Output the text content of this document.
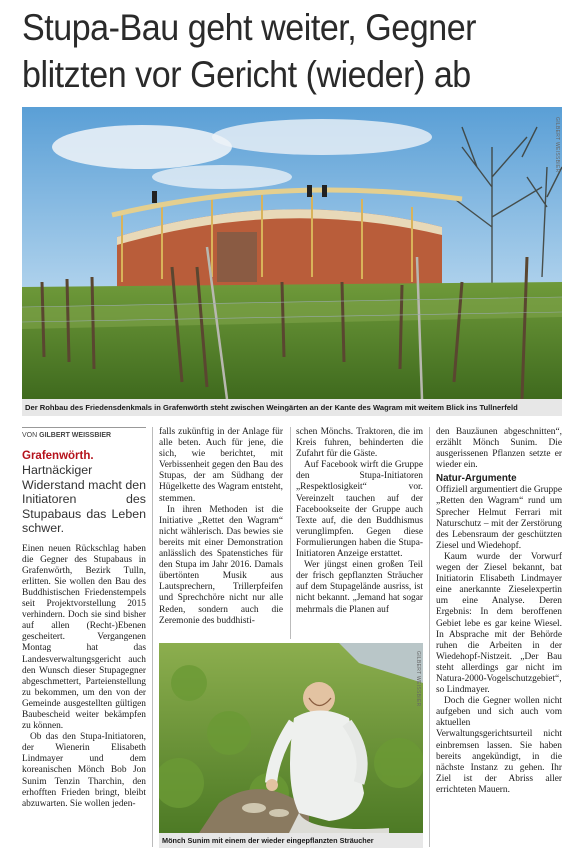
Stupa-Bau geht weiter, Gegner
blitzten vor Gericht (wieder) ab
GILBERT WEISSBIER
Der Rohbau des Friedensdenkmals in Grafenwörth steht zwischen Weingärten an der Kante des Wagram mit weitem Blick ins Tullnerfeld
VON GILBERT WEISSBIER
Grafenwörth.

Hartnäckiger Widerstand macht den Initiatoren des Stupabaus das Leben schwer.

Einen neuen Rückschlag haben die Gegner des Stupabaus in Grafenwörth, Bezirk Tulln, erlitten. Sie wollen den Bau des Buddhistischen Friedenstempels seit Projektvorstellung 2015 verhindern. Doch sie sind bisher auf allen (Recht-)Ebenen gescheitert. Vergangenen Montag hat das Landesverwaltungsgericht auch den Wunsch dieser Stupagegner abgeschmettert, Parteienstellung zu bekommen, um den von der Gemeinde ausgestellten gültigen Baubescheid weiter bekämpfen zu können.

Ob das den Stupa-Initiatoren, der Wienerin Elisabeth Lindmayer und dem koreanischen Mönch Bob Jon Sunim Tenzin Tharchin, den erhofften Frieden bringt, bleibt abzuwarten. Sie wollen jeden-

falls zukünftig in der Anlage für alle beten. Auch für jene, die sich, wie berichtet, mit Verbissenheit gegen den Bau des Stupas, der am Südhang der Hügelkette des Wagram entsteht, stemmen.

In ihren Methoden ist die Initiative „Rettet den Wagram“ nicht wählerisch. Das bewies sie bereits mit einer Demonstration anlässlich des Spatenstiches für den Stupa im Jahr 2016. Damals übertönten Musik aus Lautsprechern, Trillerpfeifen und Sprechchöre nicht nur alle Reden, sondern auch die Zeremonie des buddhisti-

schen Mönchs. Traktoren, die im Kreis fuhren, behinderten die Zufahrt für die Gäste.

Auf Facebook wirft die Gruppe den Stupa-Initiatoren „Respektlosigkeit“ vor. Vereinzelt tauchen auf der Facebookseite der Gruppe auch Texte auf, die den Buddhismus verunglimpfen. Gegen diese Formulierungen haben die Stupa-Initiatoren Anzeige erstattet.

Wer jüngst einen großen Teil der frisch gepflanzten Sträucher auf dem Stupagelände ausriss, ist nicht bekannt. „Jemand hat sogar mehrmals die Planen auf

den Bauzäunen abgeschnitten“, erzählt Mönch Sunim. Die ausgerissenen Pflanzen setzte er wieder ein.

Natur-Argumente

Offiziell argumentiert die Gruppe „Retten den Wagram“ rund um Sprecher Helmut Ferrari mit Naturschutz – mit der Zerstörung des Lebensraum der geschützten Ziesel und Wiedehopf.

Kaum wurde der Vorwurf wegen der Ziesel bekannt, bat Initiatorin Elisabeth Lindmayer eine anerkannte Zieselexpertin um eine Analyse. Deren Ergebnis: In dem beroffenen Gebiet lebe es gar keine Wiesel. In Absprache mit der Behörde ruhen die Arbeiten in der Wiedehopf-Nistzeit. „Der Bau steht allerdings gar nicht im Natura-2000-Vogelschutzgebiet“, so Lindmayer.

Doch die Gegner wollen nicht aufgeben und sich auch vom aktuellen Verwaltungsgerichtsurteil nicht einbremsen lassen. Sie haben bereits angekündigt, in die nächste Instanz zu gehen. Ihr Ziel ist der Abriss aller errichteten Mauern.

GILBERT WEISSBIER
Mönch Sunim mit einem der wieder eingepflanzten Sträucher
